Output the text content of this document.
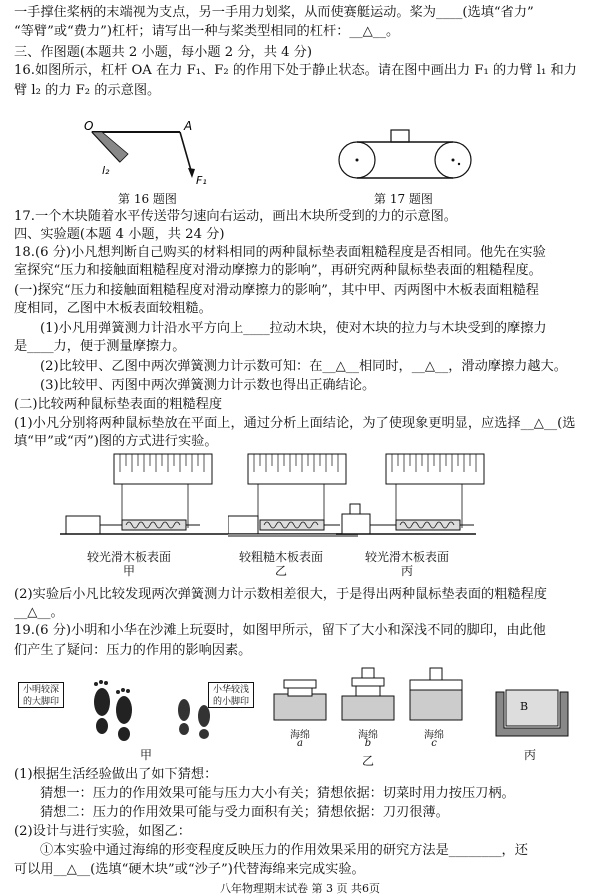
一手撑住桨柄的末端视为支点，另一手用力划桨，从而使赛艇运动。桨为____(选填“省力”
“等臂”或“费力”)杠杆；请写出一种与桨类型相同的杠杆：__△__。
三、作图题(本题共 2 小题，每小题 2 分，共 4 分)
16.如图所示，杠杆 OA 在力 F₁、F₂ 的作用下处于静止状态。请在图中画出力 F₁ 的力臂 l₁ 和力
臂 l₂ 的力 F₂ 的示意图。
O	A
F₁
l₂
第 16 题图	第 17 题图
17.一个木块随着水平传送带匀速向右运动，画出木块所受到的力的示意图。
四、实验题(本题 4 小题，共 24 分)
18.(6 分)小凡想判断自己购买的材料相同的两种鼠标垫表面粗糙程度是否相同。他先在实验
室探究“压力和接触面粗糙程度对滑动摩擦力的影响”，再研究两种鼠标垫表面的粗糙程度。
(一)探究“压力和接触面粗糙程度对滑动摩擦力的影响”，其中甲、丙两图中木板表面粗糙程
度相同，乙图中木板表面较粗糙。
(1)小凡用弹簧测力计沿水平方向上____拉动木块，使对木块的拉力与木块受到的摩擦力
是____力，便于测量摩擦力。
(2)比较甲、乙图中两次弹簧测力计示数可知：在__△__相同时，__△__，滑动摩擦力越大。
(3)比较甲、丙图中两次弹簧测力计示数也得出正确结论。
(二)比较两种鼠标垫表面的粗糙程度
(1)小凡分别将两种鼠标垫放在平面上，通过分析上面结论，为了使现象更明显，应选择__△__(选
填“甲”或“丙”)图的方式进行实验。
较光滑木板表面
甲
较粗糙木板表面
乙
较光滑木板表面
丙
(2)实验后小凡比较发现两次弹簧测力计示数相差很大，于是得出两种鼠标垫表面的粗糙程度
__△__。
19.(6 分)小明和小华在沙滩上玩耍时，如图甲所示，留下了大小和深浅不同的脚印，由此他
们产生了疑问：压力的作用的影响因素。
小明较深的大脚印
小华较浅的小脚印
甲
海绵
a
海绵
b
海绵
c
乙
B
丙
(1)根据生活经验做出了如下猜想：
猜想一：压力的作用效果可能与压力大小有关；猜想依据：切菜时用力按压刀柄。
猜想二：压力的作用效果可能与受力面积有关；猜想依据：刀刃很薄。
(2)设计与进行实验，如图乙：
①本实验中通过海绵的形变程度反映压力的作用效果采用的研究方法是________，还
可以用__△__(选填“硬木块”或“沙子”)代替海绵来完成实验。
八年物理期末试卷 第 3 页 共6页
